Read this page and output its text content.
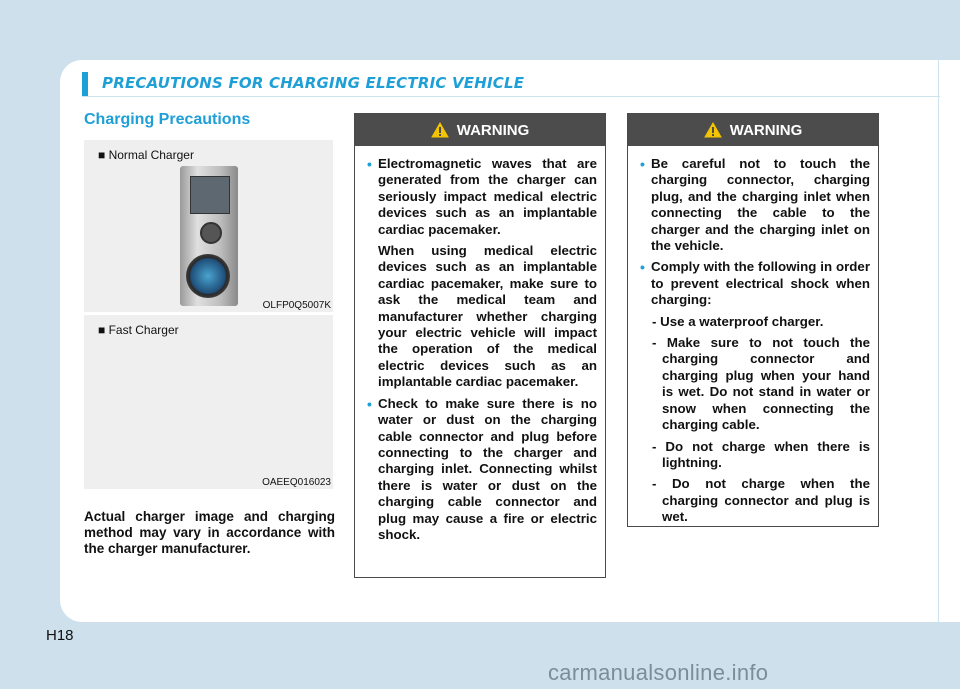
PRECAUTIONS FOR CHARGING ELECTRIC VEHICLE
Charging Precautions
■ Normal Charger
OLFP0Q5007K
■ Fast Charger
OAEEQ016023
Actual charger image and charging method may vary in accordance with the charger manufacturer.
WARNING

• Electromagnetic waves that are generated from the charger can seriously impact medical electric devices such as an implantable cardiac pacemaker.

When using medical electric devices such as an implantable cardiac pacemaker, make sure to ask the medical team and manufacturer whether charging your electric vehicle will impact the operation of the medical electric devices such as an implantable cardiac pacemaker.

• Check to make sure there is no water or dust on the charging cable connector and plug before connecting to the charger and charging inlet. Connecting whilst there is water or dust on the charging cable connector and plug may cause a fire or electric shock.

WARNING

• Be careful not to touch the charging connector, charging plug, and the charging inlet when connecting the cable to the charger and the charging inlet on the vehicle.

• Comply with the following in order to prevent electrical shock when charging:

- Use a waterproof charger.

- Make sure to not touch the charging connector and charging plug when your hand is wet. Do not stand in water or snow when connecting the charging cable.

- Do not charge when there is lightning.

- Do not charge when the charging connector and plug is wet.

H18
carmanualsonline.info
